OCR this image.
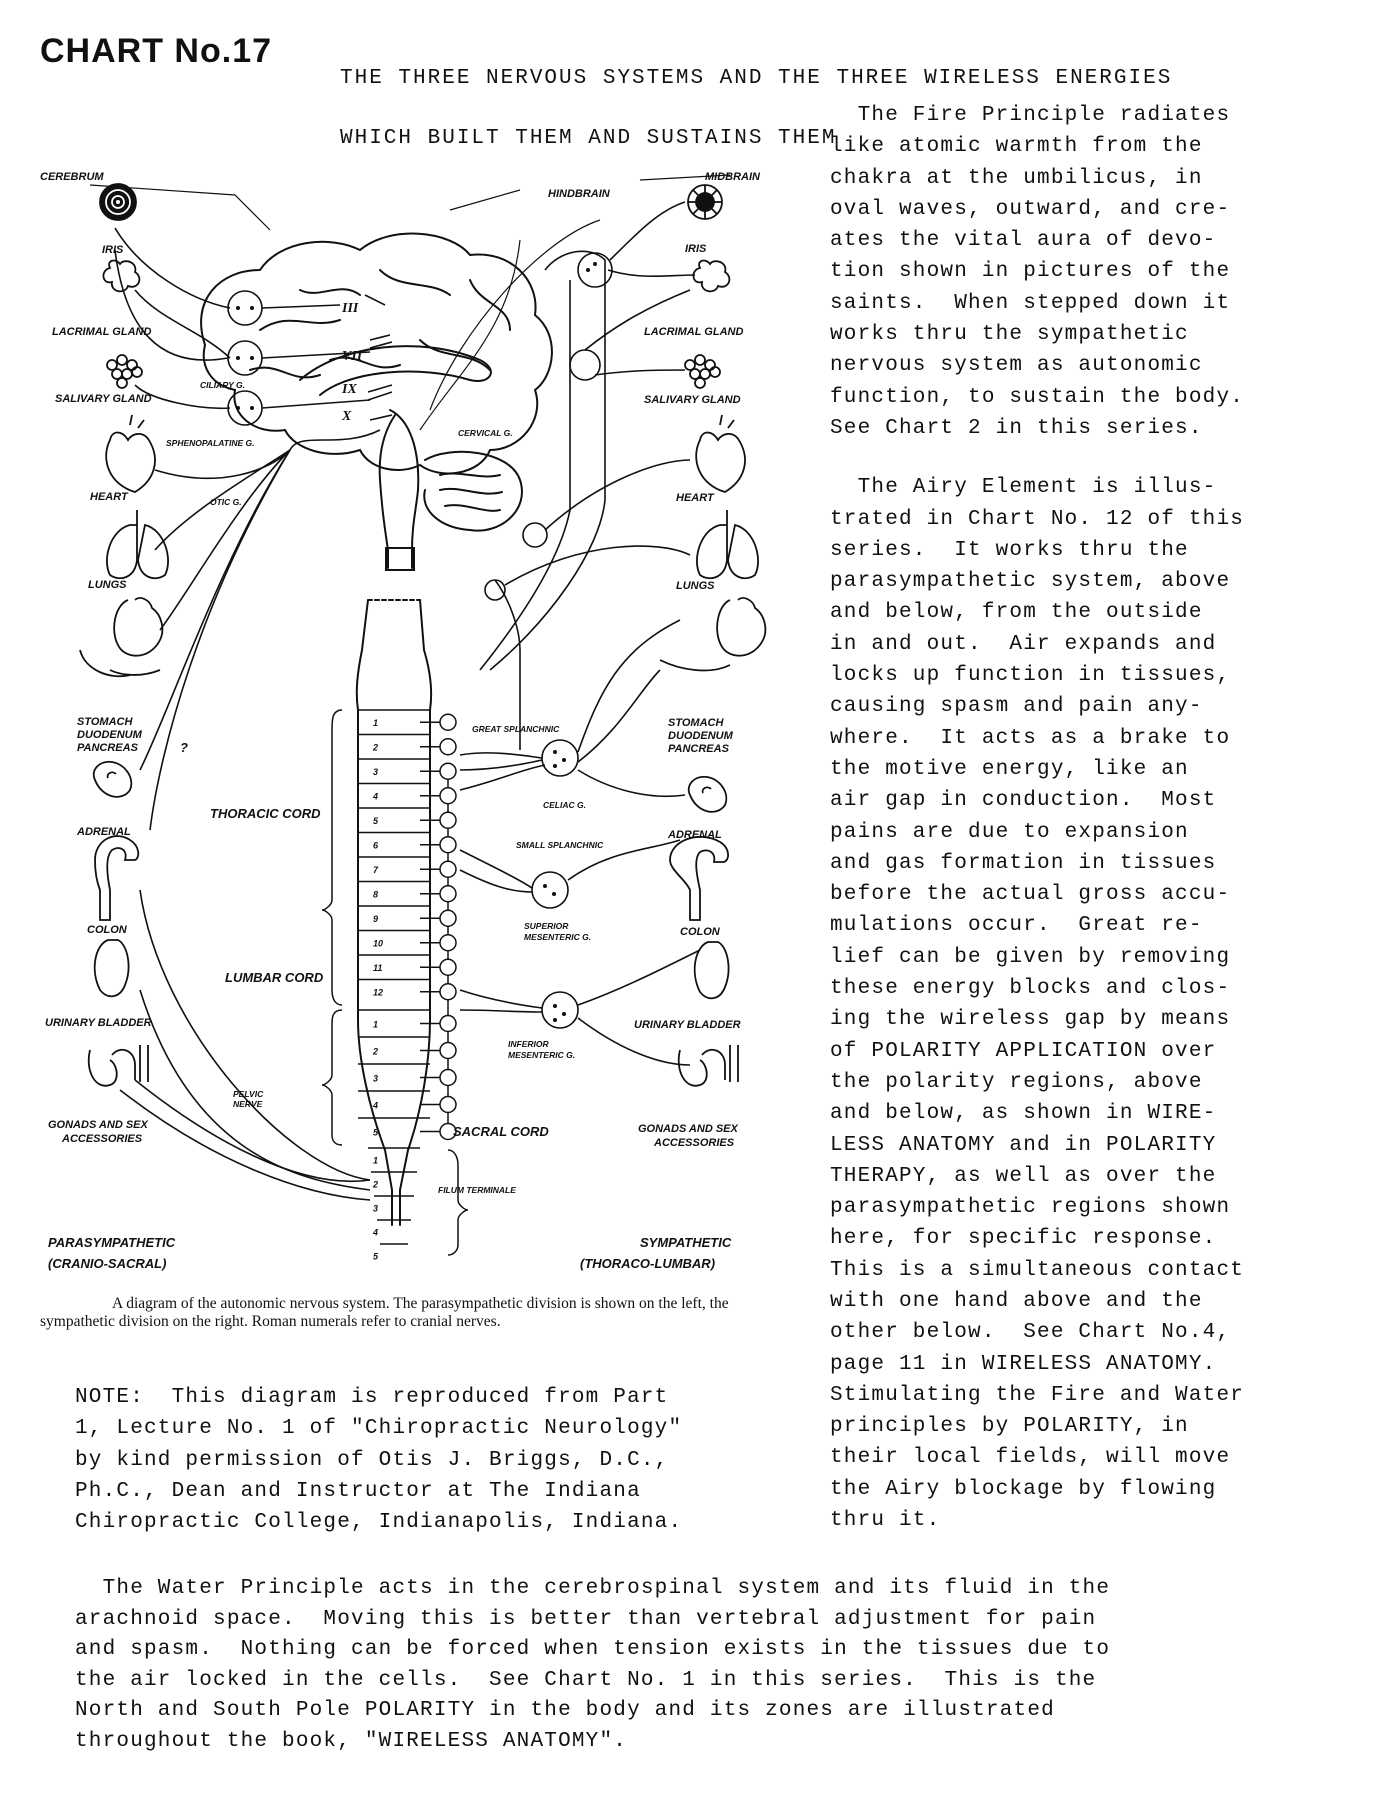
CHART No.17

THE THREE NERVOUS SYSTEMS AND THE THREE WIRELESS ENERGIES

WHICH BUILT THEM AND SUSTAINS THEM

1
2
3
4
5
6
7
8
9
10
11
12
1
2
3
4
5
1
2
3
4
5
CEREBRUM
IRIS
LACRIMAL GLAND
CILIARY G.
SALIVARY GLAND
SPHENOPALATINE G.
HEART	OTIC G.
LUNGS
STOMACH
DUODENUM
PANCREAS	?
ADRENAL
THORACIC CORD
COLON
LUMBAR CORD
URINARY BLADDER
PELVIC
NERVE
GONADS AND SEX
ACCESSORIES
PARASYMPATHETIC
(CRANIO-SACRAL)
MIDBRAIN
HINDBRAIN
IRIS
LACRIMAL GLAND
SALIVARY GLAND
CERVICAL G.
HEART
LUNGS
GREAT SPLANCHNIC	STOMACH
DUODENUM
PANCREAS
CELIAC G.
ADRENAL
SMALL SPLANCHNIC
SUPERIOR
MESENTERIC G.	COLON
URINARY BLADDER
INFERIOR
MESENTERIC G.
SACRAL CORD	GONADS AND SEX
ACCESSORIES
FILUM TERMINALE
SYMPATHETIC
(THORACO-LUMBAR)
III
VII
IX
X

The Fire Principle radiates
like atomic warmth from the
chakra at the umbilicus, in
oval waves, outward, and cre-
ates the vital aura of devo-
tion shown in pictures of the
saints.  When stepped down it
works thru the sympathetic
nervous system as autonomic
function, to sustain the body.
See Chart 2 in this series.

The Airy Element is illus-
trated in Chart No. 12 of this
series.  It works thru the
parasympathetic system, above
and below, from the outside
in and out.  Air expands and
locks up function in tissues,
causing spasm and pain any-
where.  It acts as a brake to
the motive energy, like an
air gap in conduction.  Most
pains are due to expansion
and gas formation in tissues
before the actual gross accu-
mulations occur.  Great re-
lief can be given by removing
these energy blocks and clos-
ing the wireless gap by means
of POLARITY APPLICATION over
the polarity regions, above
and below, as shown in WIRE-
LESS ANATOMY and in POLARITY
THERAPY, as well as over the
parasympathetic regions shown
here, for specific response.
This is a simultaneous contact
with one hand above and the
other below.  See Chart No.4,
page 11 in WIRELESS ANATOMY.
Stimulating the Fire and Water
principles by POLARITY, in
their local fields, will move
the Airy blockage by flowing
thru it.

A diagram of the autonomic nervous system. The parasympathetic division is shown on the left, the sympathetic division on the right. Roman numerals refer to cranial nerves.
NOTE:  This diagram is reproduced from Part
1, Lecture No. 1 of "Chiropractic Neurology"
by kind permission of Otis J. Briggs, D.C.,
Ph.C., Dean and Instructor at The Indiana
Chiropractic College, Indianapolis, Indiana.
The Water Principle acts in the cerebrospinal system and its fluid in the
arachnoid space.  Moving this is better than vertebral adjustment for pain
and spasm.  Nothing can be forced when tension exists in the tissues due to
the air locked in the cells.  See Chart No. 1 in this series.  This is the
North and South Pole POLARITY in the body and its zones are illustrated
throughout the book, "WIRELESS ANATOMY".
